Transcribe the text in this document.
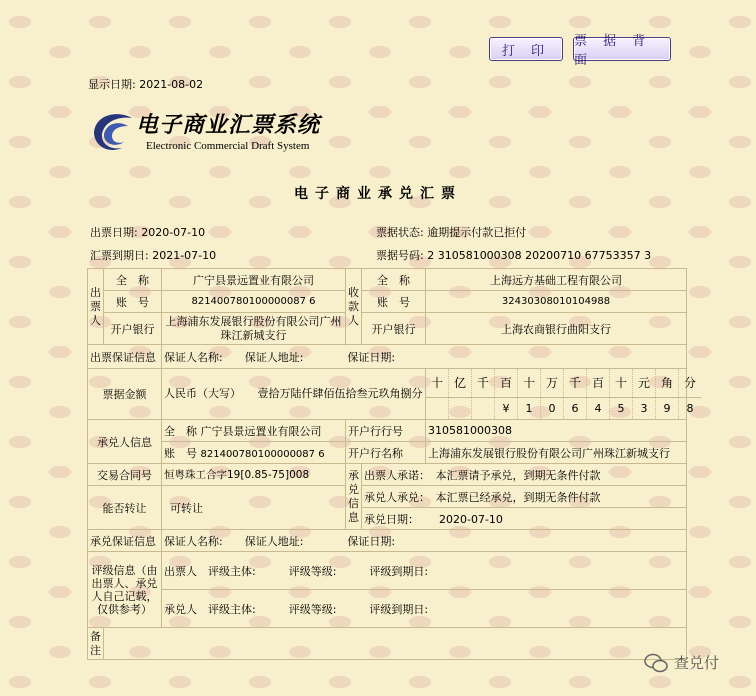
打 印
票 据 背 面
显示日期: 2021-08-02
电子商业汇票系统
Electronic Commercial Draft System
电子商业承兑汇票
出票日期: 2020-07-10	票据状态: 逾期提示付款已拒付
汇票到期日: 2021-07-10	票据号码: 2 310581000308 20200710 67753357 3
出票人	全　称	广宁县景远置业有限公司	收款人	全　称	上海远方基础工程有限公司
账　号	821400780100000087 6	账　号	32430308010104988
开户银行	上海浦东发展银行股份有限公司广州珠江新城支行	开户银行	上海农商银行曲阳支行
出票保证信息	保证人名称:　　保证人地址:　　　　保证日期:
票据金额	人民币（大写）　　壹拾万陆仟肆佰伍拾叁元玖角捌分	
十	亿	千	百	十	万	千	百	十	元	角	分
			¥	1	0	6	4	5	3	9	8

承兑人信息	全　称 广宁县景远置业有限公司	开户行行号	310581000308
账　号 821400780100000087 6	开户行名称	上海浦东发展银行股份有限公司广州珠江新城支行
交易合同号	恒粤珠工合字19[0.85-75]008	承兑信息	出票人承诺：　本汇票请予承兑，到期无条件付款
能否转让	可转让	承兑人承兑：　本汇票已经承兑，到期无条件付款
承兑日期：　　 2020-07-10
承兑保证信息	保证人名称:　　保证人地址:　　　　保证日期:
评级信息（由出票人、承兑人自己记载，仅供参考）	出票人　 评级主体:　　　评级等级:　　　评级到期日:
承兑人　 评级主体:　　　评级等级:　　　评级到期日:
备注	
查兑付
